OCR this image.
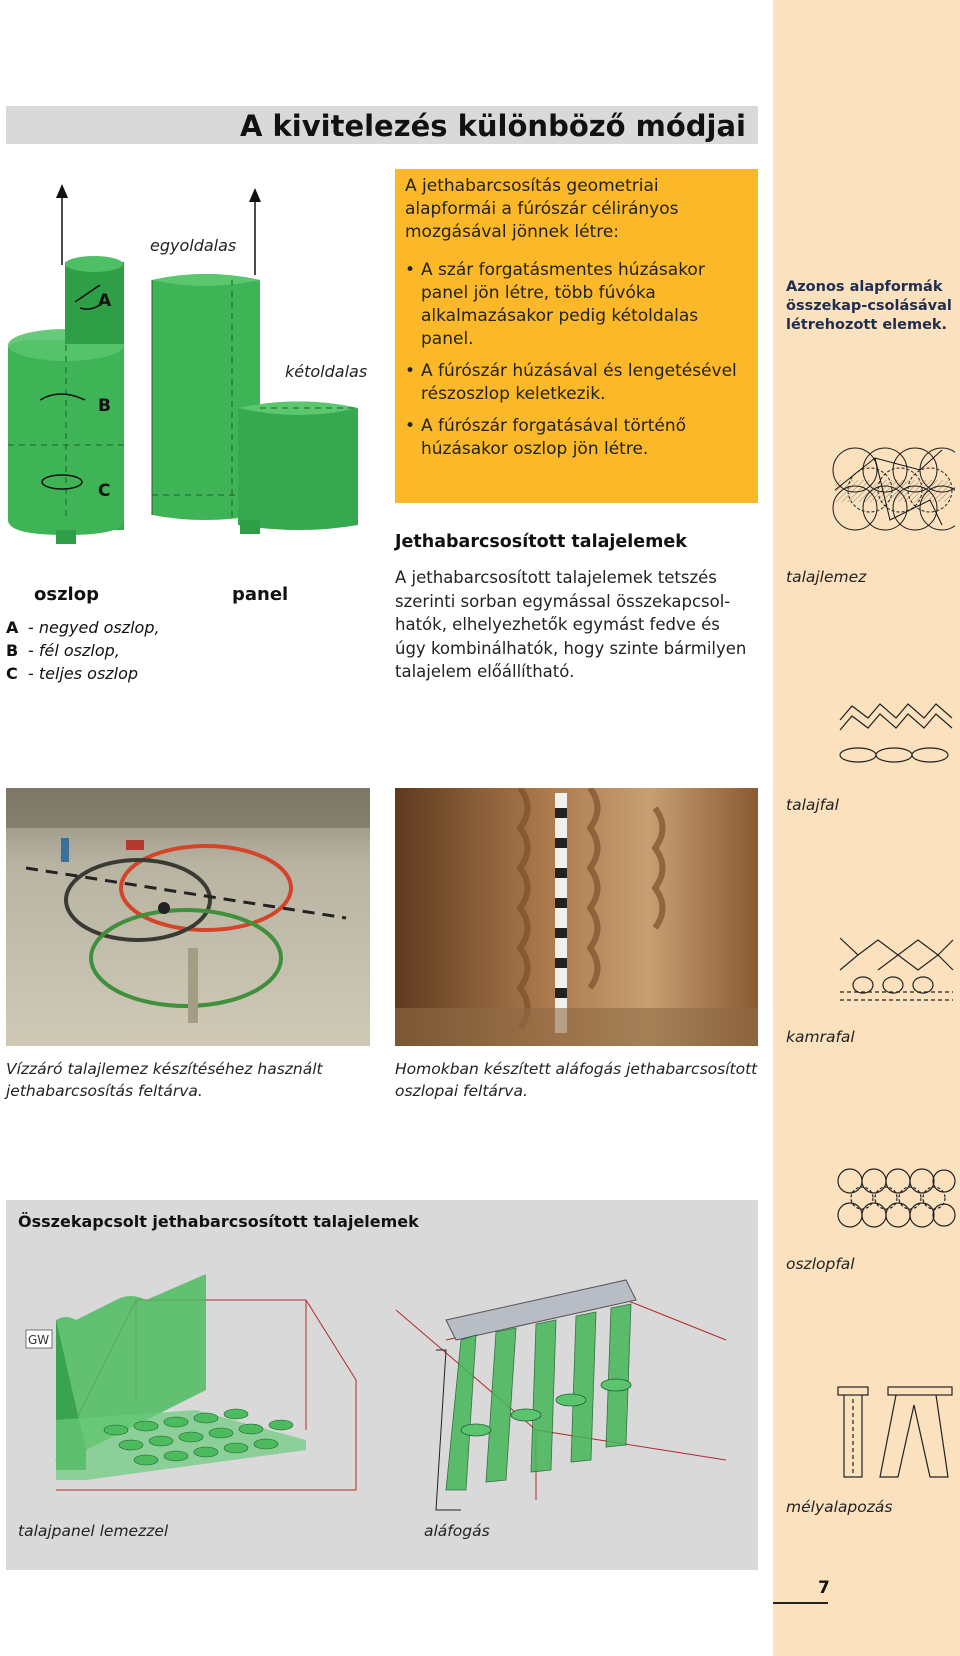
A kivitelezés különböző módjai
egyoldalas
kétoldalas
A
B
C
oszlop	panel
A - negyed oszlop,
B - fél oszlop,
C - teljes oszlop
A jethabarcsosítás geometriai alapformái a fúrószár célirányos mozgásával jönnek létre:
• A szár forgatásmentes húzásakor panel jön létre, több fúvóka alkalmazásakor pedig kétoldalas panel.
• A fúrószár húzásával és lengetésével részoszlop keletkezik.
• A fúrószár forgatásával történő húzásakor oszlop jön létre.
Jethabarcsosított talajelemek
A jethabarcsosított talajelemek tetszés szerinti sorban egymással összekapcsol-hatók, elhelyezhetők egymást fedve és úgy kombinálhatók, hogy szinte bármilyen talajelem előállítható.
Azonos alapformák összekap-csolásával létrehozott elemek.
talajlemez
talajfal
kamrafal
oszlopfal
mélyalapozás
Vízzáró talajlemez készítéséhez használt jethabarcsosítás feltárva.
Homokban készített aláfogás jethabarcsosított oszlopai feltárva.
Összekapcsolt jethabarcsosított talajelemek
GW
talajpanel lemezzel	aláfogás
7
